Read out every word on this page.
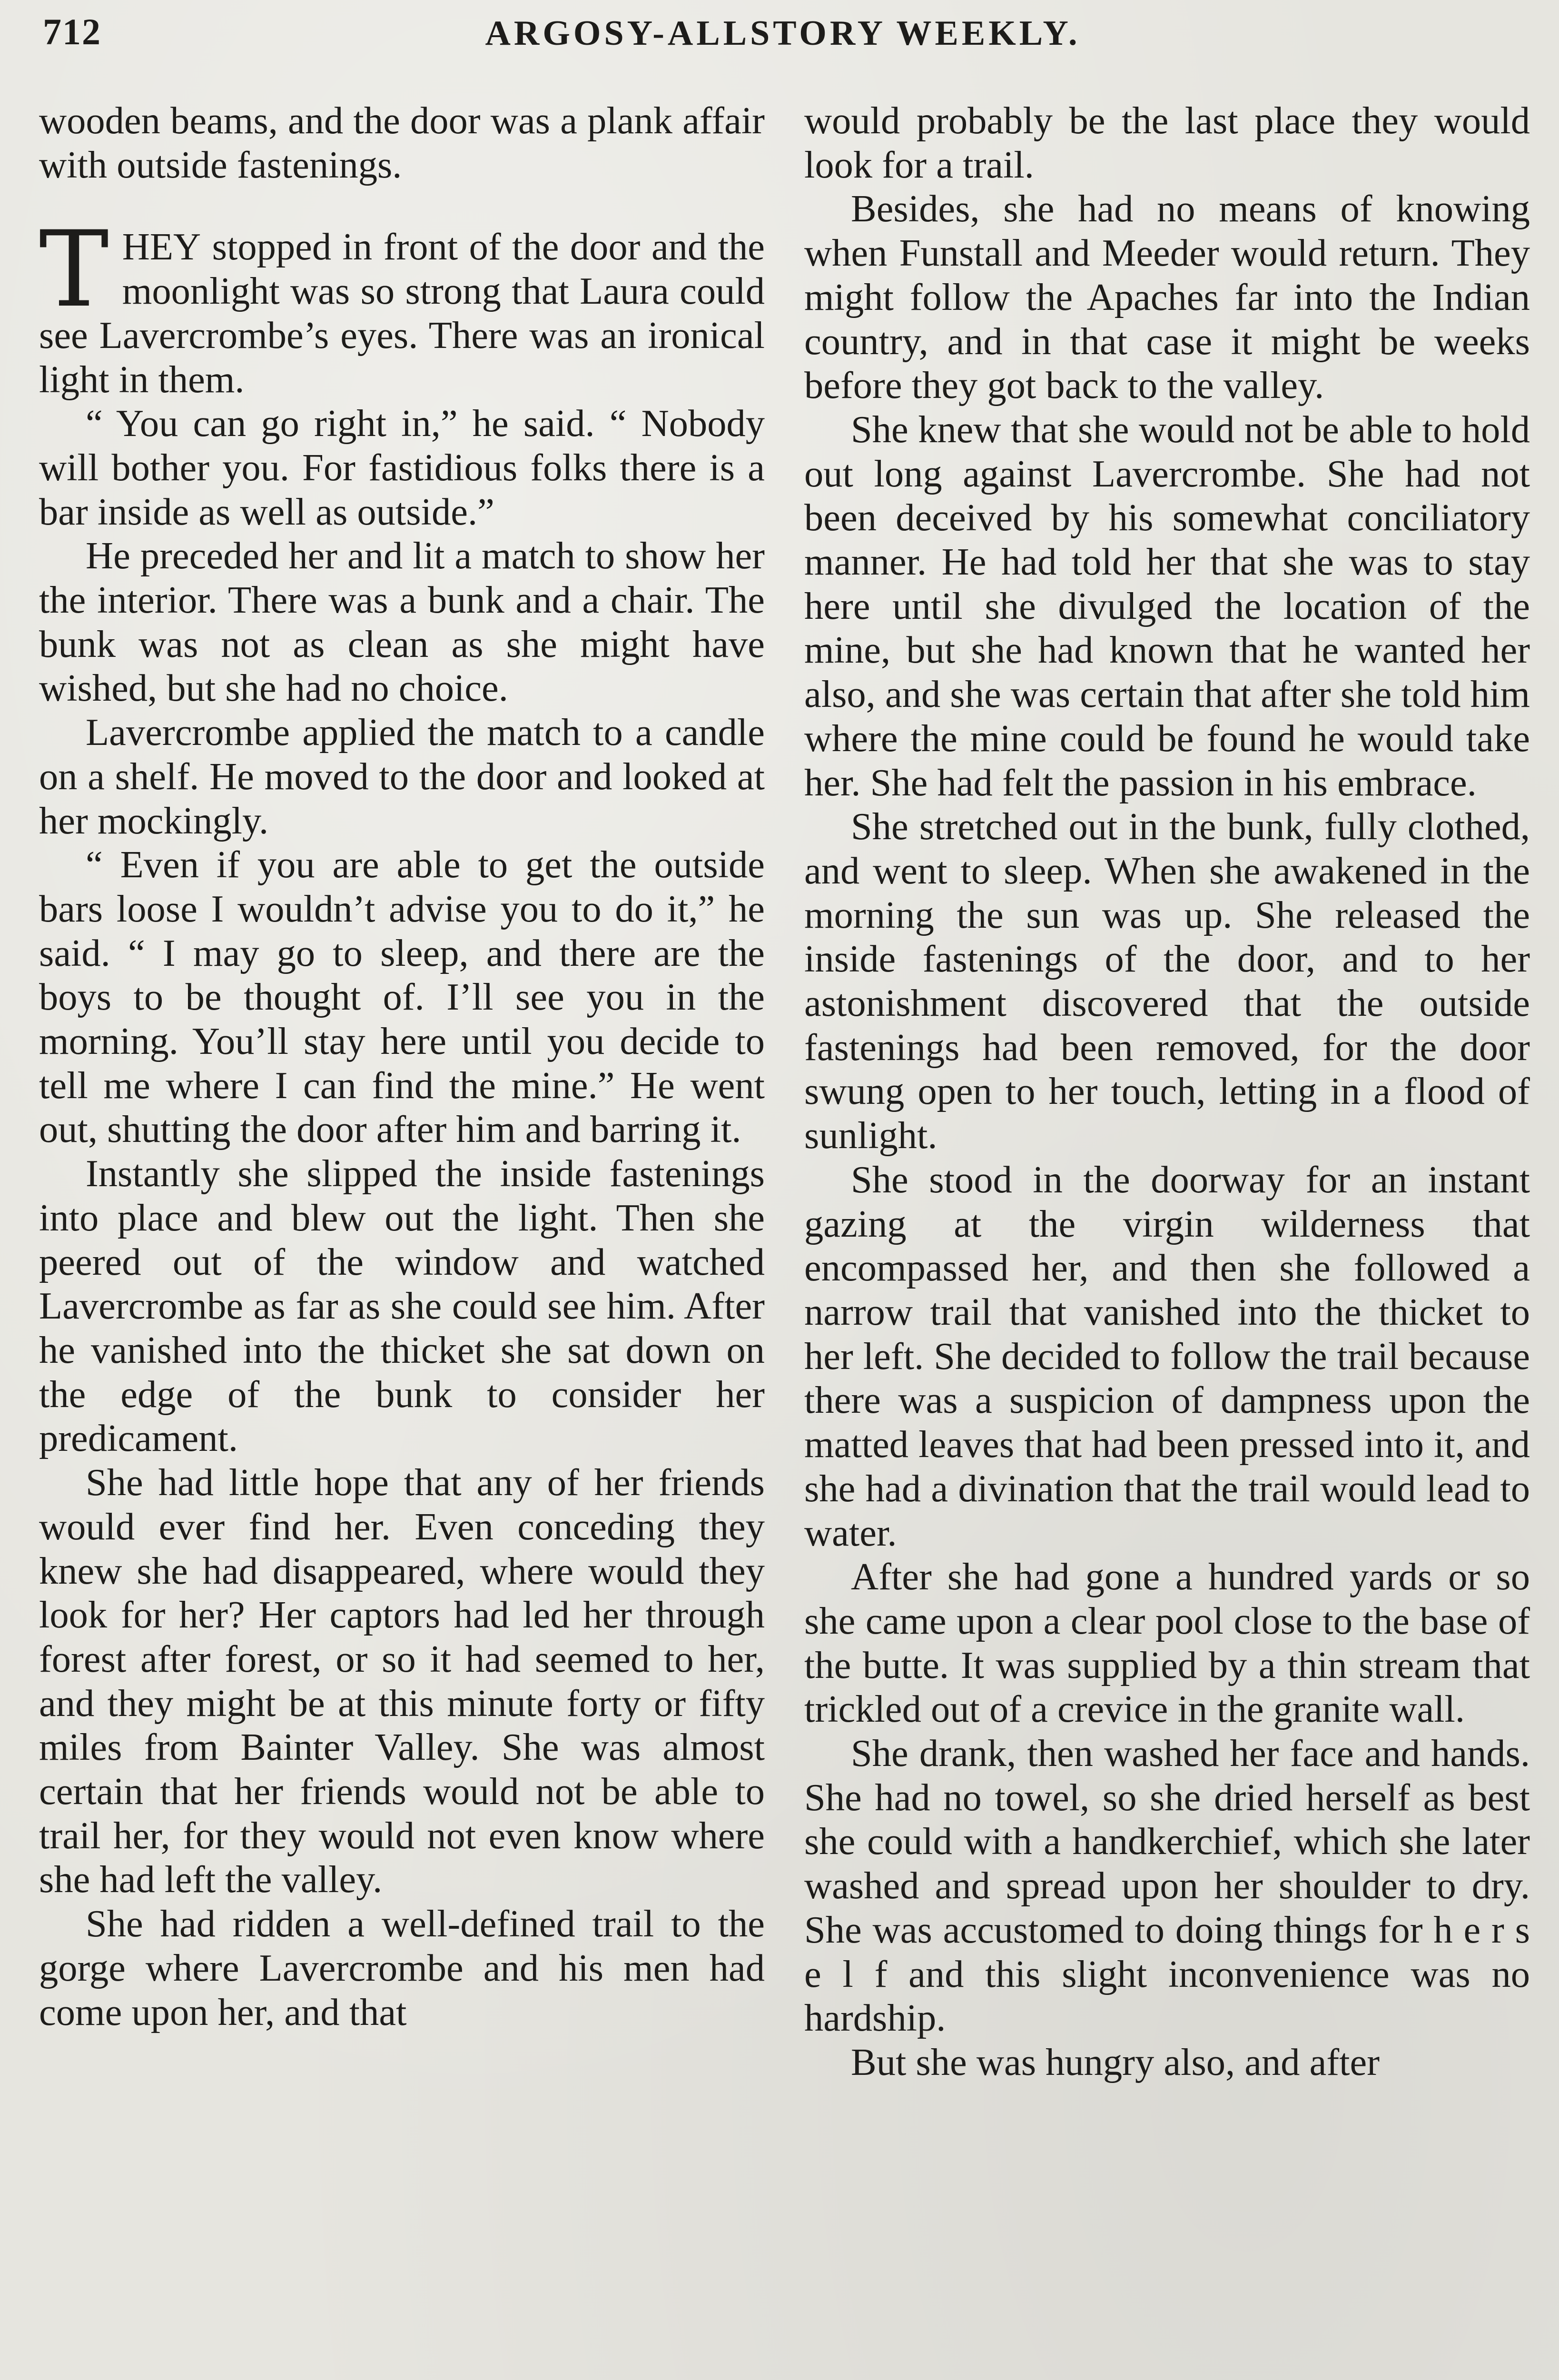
712	ARGOSY-ALLSTORY WEEKLY.

wooden beams, and the door was a plank affair with outside fastenings.

THEY stopped in front of the door and the moonlight was so strong that Laura could see Lavercrombe’s eyes. There was an ironical light in them.

“ You can go right in,” he said. “ Nobody will bother you. For fastidious folks there is a bar inside as well as outside.”

He preceded her and lit a match to show her the interior. There was a bunk and a chair. The bunk was not as clean as she might have wished, but she had no choice.

Lavercrombe applied the match to a candle on a shelf. He moved to the door and looked at her mockingly.

“ Even if you are able to get the outside bars loose I wouldn’t advise you to do it,” he said. “ I may go to sleep, and there are the boys to be thought of. I’ll see you in the morning. You’ll stay here until you decide to tell me where I can find the mine.” He went out, shutting the door after him and barring it.

Instantly she slipped the inside fastenings into place and blew out the light. Then she peered out of the window and watched Lavercrombe as far as she could see him. After he vanished into the thicket she sat down on the edge of the bunk to consider her predicament.

She had little hope that any of her friends would ever find her. Even conceding they knew she had disappeared, where would they look for her? Her captors had led her through forest after forest, or so it had seemed to her, and they might be at this minute forty or fifty miles from Bainter Valley. She was almost certain that her friends would not be able to trail her, for they would not even know where she had left the valley.

She had ridden a well-defined trail to the gorge where Lavercrombe and his men had come upon her, and that

would probably be the last place they would look for a trail.

Besides, she had no means of knowing when Funstall and Meeder would return. They might follow the Apaches far into the Indian country, and in that case it might be weeks before they got back to the valley.

She knew that she would not be able to hold out long against Lavercrombe. She had not been deceived by his somewhat conciliatory manner. He had told her that she was to stay here until she divulged the location of the mine, but she had known that he wanted her also, and she was certain that after she told him where the mine could be found he would take her. She had felt the passion in his embrace.

She stretched out in the bunk, fully clothed, and went to sleep. When she awakened in the morning the sun was up. She released the inside fastenings of the door, and to her astonishment discovered that the outside fastenings had been removed, for the door swung open to her touch, letting in a flood of sunlight.

She stood in the doorway for an instant gazing at the virgin wilderness that encompassed her, and then she followed a narrow trail that vanished into the thicket to her left. She decided to follow the trail because there was a suspicion of dampness upon the matted leaves that had been pressed into it, and she had a divination that the trail would lead to water.

After she had gone a hundred yards or so she came upon a clear pool close to the base of the butte. It was supplied by a thin stream that trickled out of a crevice in the granite wall.

She drank, then washed her face and hands. She had no towel, so she dried herself as best she could with a handkerchief, which she later washed and spread upon her shoulder to dry. She was accustomed to doing things for h e r s e l f and this slight inconvenience was no hardship.

But she was hungry also, and after
